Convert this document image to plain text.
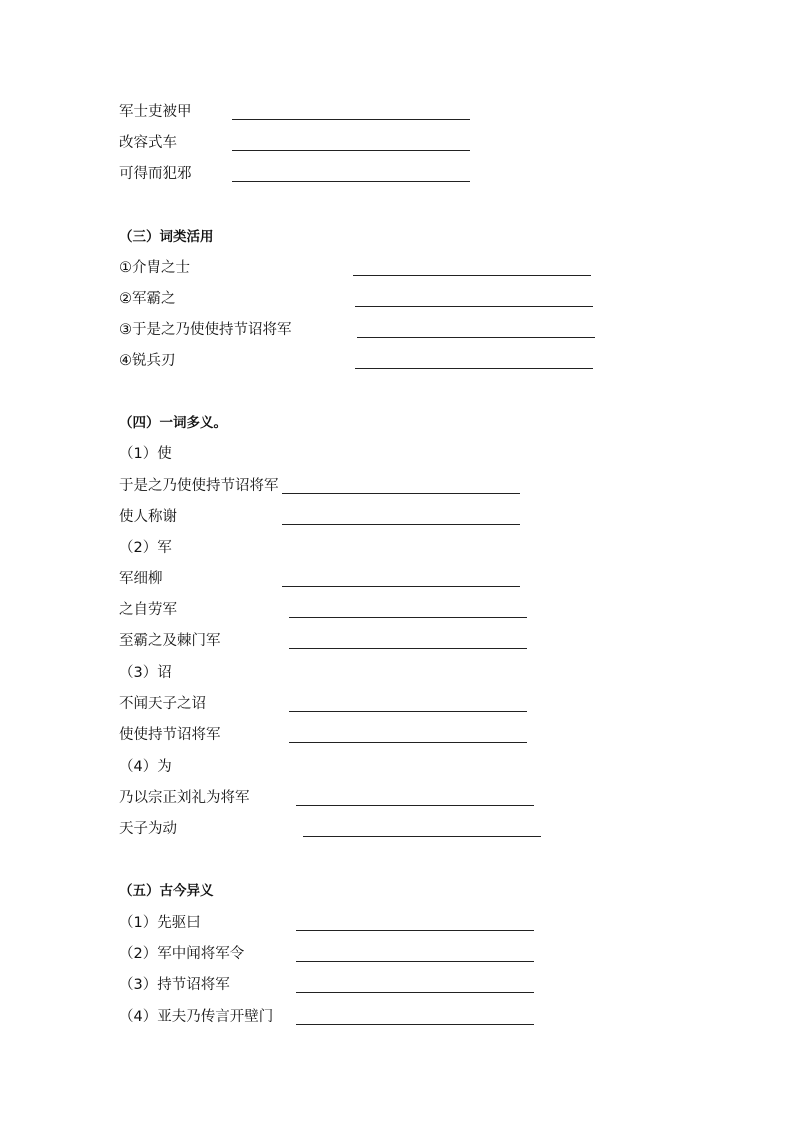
军士吏被甲
改容式车
可得而犯邪
（三）词类活用
①介胄之士
②军霸之
③于是之乃使使持节诏将军
④锐兵刃
（四）一词多义。
（1）使
于是之乃使使持节诏将军
使人称谢
（2）军
军细柳
之自劳军
至霸之及棘门军
（3）诏
不闻天子之诏
使使持节诏将军
（4）为
乃以宗正刘礼为将军
天子为动
（五）古今异义
（1）先驱曰
（2）军中闻将军令
（3）持节诏将军
（4）亚夫乃传言开壁门
